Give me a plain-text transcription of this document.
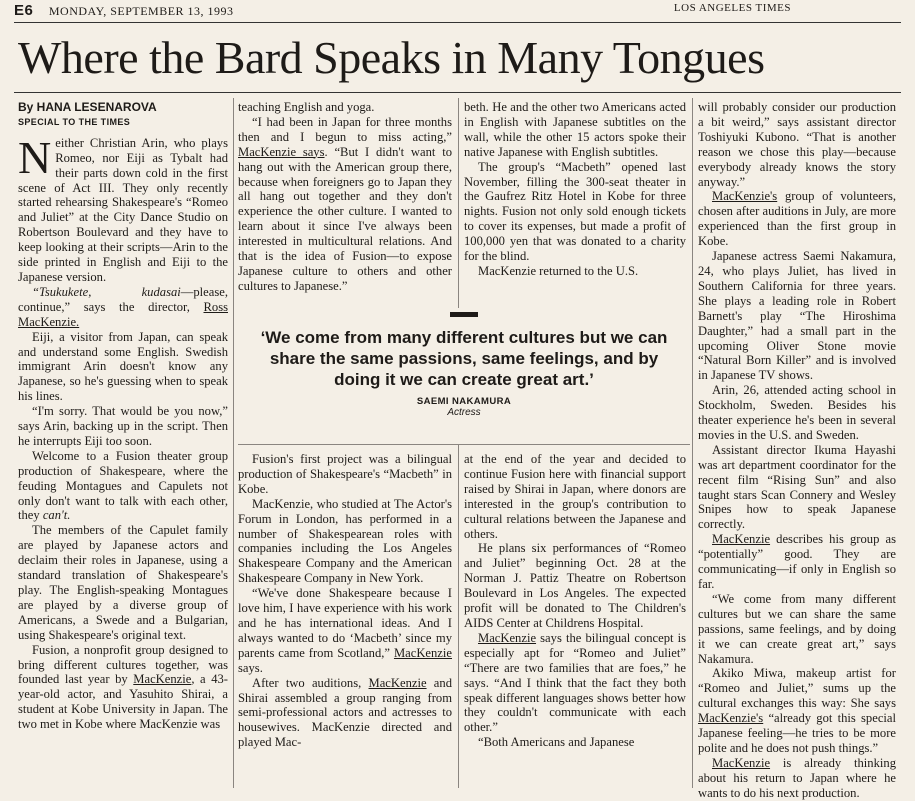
E6 MONDAY, SEPTEMBER 13, 1993	LOS ANGELES TIMES
Where the Bard Speaks in Many Tongues
By HANA LESENAROVA
SPECIAL TO THE TIMES

Neither Christian Arin, who plays Romeo, nor Eiji as Tybalt had their parts down cold in the first scene of Act III. They only recently started rehearsing Shakespeare's “Romeo and Juliet” at the City Dance Studio on Robertson Boulevard and they have to keep looking at their scripts—Arin to the side printed in English and Eiji to the Japanese version.

“Tsukukete, kudasai—please, continue,” says the director, Ross MacKenzie.

Eiji, a visitor from Japan, can speak and understand some English. Swedish immigrant Arin doesn't know any Japanese, so he's guessing when to speak his lines.

“I'm sorry. That would be you now,” says Arin, backing up in the script. Then he interrupts Eiji too soon.

Welcome to a Fusion theater group production of Shakespeare, where the feuding Montagues and Capulets not only don't want to talk with each other, they can't.

The members of the Capulet family are played by Japanese actors and declaim their roles in Japanese, using a standard translation of Shakespeare's play. The English-speaking Montagues are played by a diverse group of Americans, a Swede and a Bulgarian, using Shakespeare's original text.

Fusion, a nonprofit group designed to bring different cultures together, was founded last year by MacKenzie, a 43-year-old actor, and Yasuhito Shirai, a student at Kobe University in Japan. The two met in Kobe where MacKenzie was

teaching English and yoga.

“I had been in Japan for three months then and I begun to miss acting,” MacKenzie says. “But I didn't want to hang out with the American group there, because when foreigners go to Japan they all hang out together and they don't experience the other culture. I wanted to learn about it since I've always been interested in multicultural relations. And that is the idea of Fusion—to expose Japanese culture to others and other cultures to Japanese.”

beth. He and the other two Americans acted in English with Japanese subtitles on the wall, while the other 15 actors spoke their native Japanese with English subtitles.

The group's “Macbeth” opened last November, filling the 300-seat theater in the Gaufrez Ritz Hotel in Kobe for three nights. Fusion not only sold enough tickets to cover its expenses, but made a profit of 100,000 yen that was donated to a charity for the blind.

MacKenzie returned to the U.S.

‘We come from many different cultures but we can share the same passions, same feelings, and by doing it we can create great art.’
SAEMI NAKAMURA
Actress

Fusion's first project was a bilingual production of Shakespeare's “Macbeth” in Kobe.

MacKenzie, who studied at The Actor's Forum in London, has performed in a number of Shakespearean roles with companies including the Los Angeles Shakespeare Company and the American Shakespeare Company in New York.

“We've done Shakespeare because I love him, I have experience with his work and he has international ideas. And I always wanted to do ‘Macbeth’ since my parents came from Scotland,” MacKenzie says.

After two auditions, MacKenzie and Shirai assembled a group ranging from semi-professional actors and actresses to housewives. MacKenzie directed and played Mac-

at the end of the year and decided to continue Fusion here with financial support raised by Shirai in Japan, where donors are interested in the group's contribution to cultural relations between the Japanese and others.

He plans six performances of “Romeo and Juliet” beginning Oct. 28 at the Norman J. Pattiz Theatre on Robertson Boulevard in Los Angeles. The expected profit will be donated to The Children's AIDS Center at Childrens Hospital.

MacKenzie says the bilingual concept is especially apt for “Romeo and Juliet” “There are two families that are foes,” he says. “And I think that the fact they both speak different languages shows better how they couldn't communicate with each other.”

“Both Americans and Japanese

will probably consider our production a bit weird,” says assistant director Toshiyuki Kubono. “That is another reason we chose this play—because everybody already knows the story anyway.”

MacKenzie's group of volunteers, chosen after auditions in July, are more experienced than the first group in Kobe.

Japanese actress Saemi Nakamura, 24, who plays Juliet, has lived in Southern California for three years. She plays a leading role in Robert Barnett's play “The Hiroshima Daughter,” had a small part in the upcoming Oliver Stone movie “Natural Born Killer” and is involved in Japanese TV shows.

Arin, 26, attended acting school in Stockholm, Sweden. Besides his theater experience he's been in several movies in the U.S. and Sweden.

Assistant director Ikuma Hayashi was art department coordinator for the recent film “Rising Sun” and also taught stars Scan Connery and Wesley Snipes how to speak Japanese correctly.

MacKenzie describes his group as “potentially” good. They are communicating—if only in English so far.

“We come from many different cultures but we can share the same passions, same feelings, and by doing it we can create great art,” says Nakamura.

Akiko Miwa, makeup artist for “Romeo and Juliet,” sums up the cultural exchanges this way: She says MacKenzie's “already got this special Japanese feeling—he tries to be more polite and he does not push things.”

MacKenzie is already thinking about his return to Japan where he wants to do his next production.
